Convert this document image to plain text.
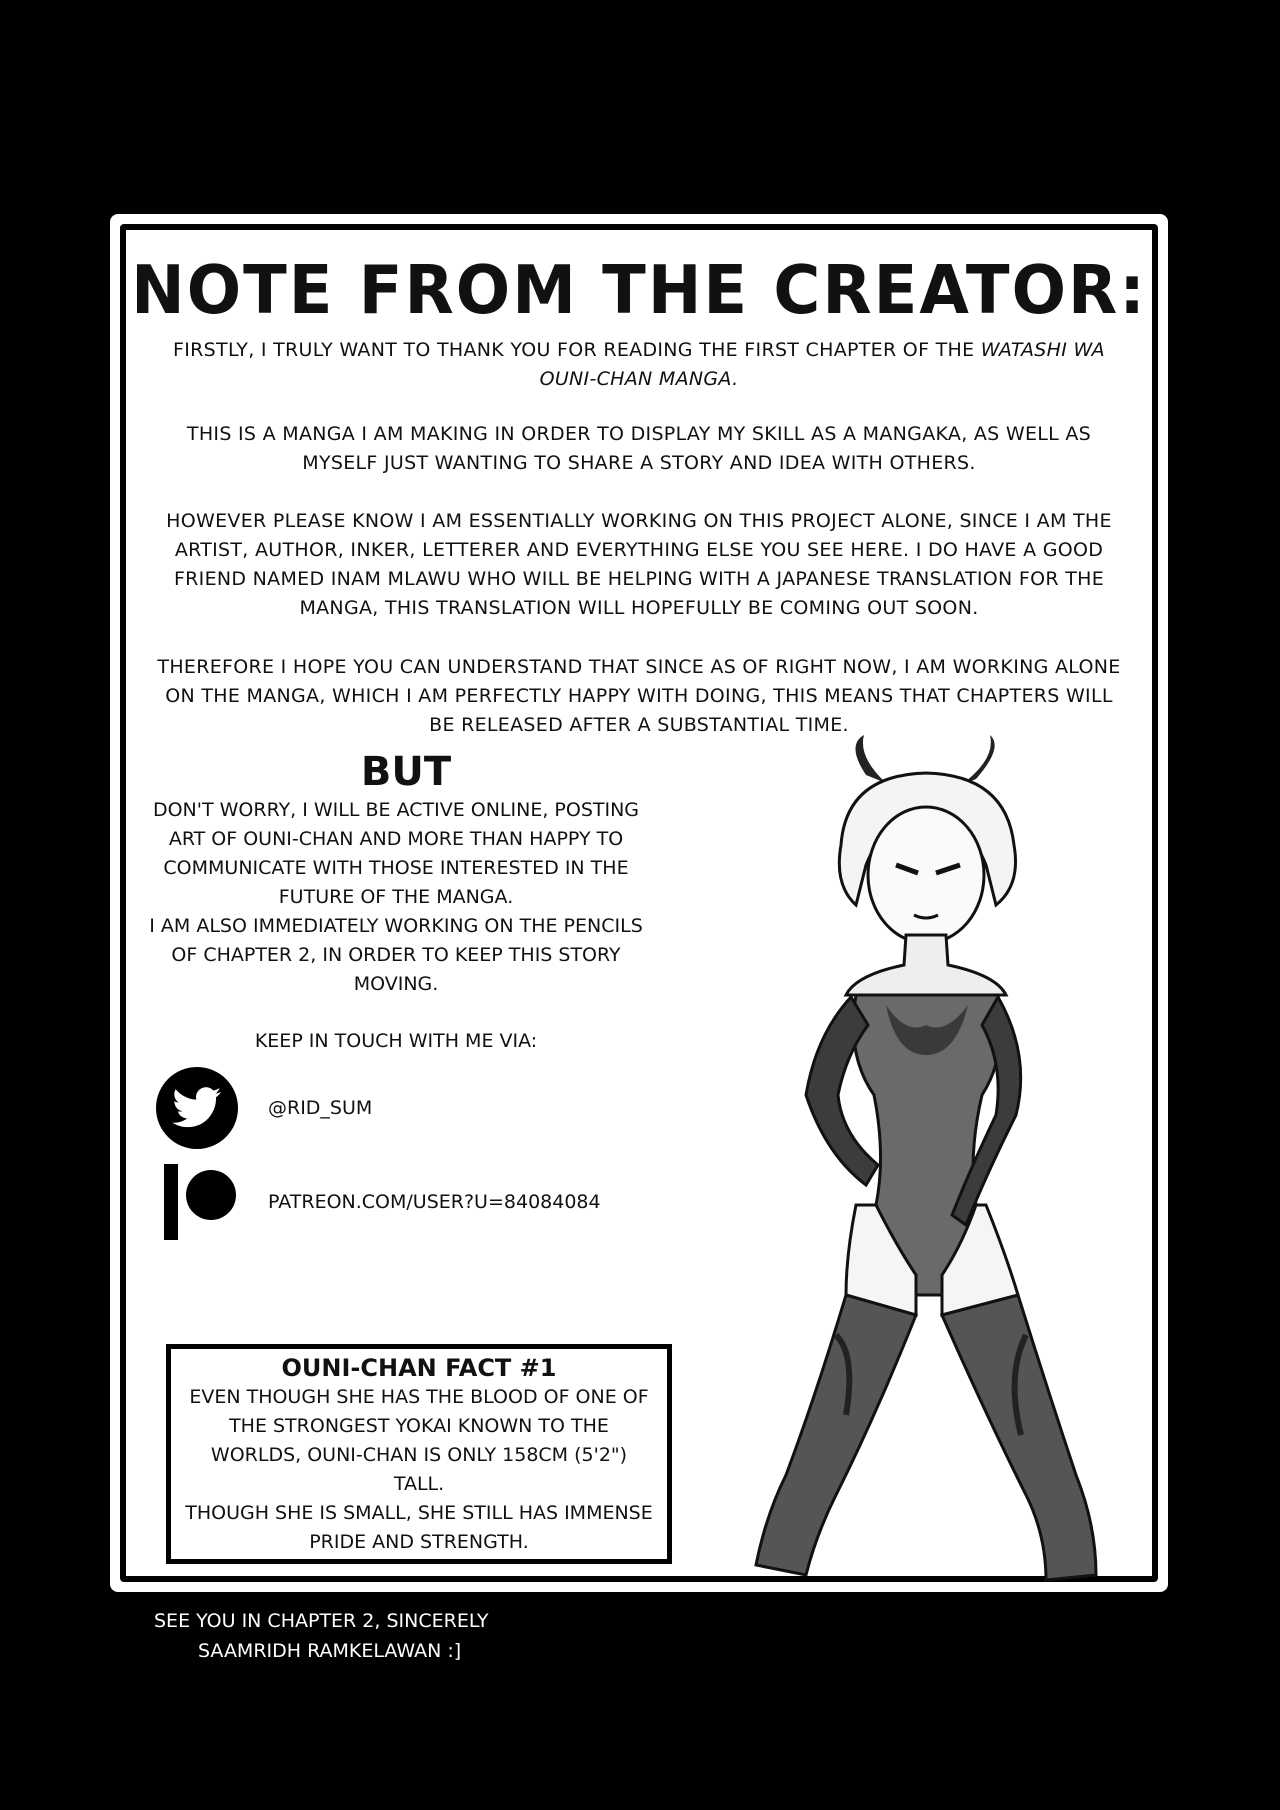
NOTE FROM THE CREATOR:
FIRSTLY, I TRULY WANT TO THANK YOU FOR READING THE FIRST CHAPTER OF THE WATASHI WA OUNI-CHAN MANGA.
THIS IS A MANGA I AM MAKING IN ORDER TO DISPLAY MY SKILL AS A MANGAKA, AS WELL AS MYSELF JUST WANTING TO SHARE A STORY AND IDEA WITH OTHERS.
HOWEVER PLEASE KNOW I AM ESSENTIALLY WORKING ON THIS PROJECT ALONE, SINCE I AM THE ARTIST, AUTHOR, INKER, LETTERER AND EVERYTHING ELSE YOU SEE HERE. I DO HAVE A GOOD FRIEND NAMED INAM MLAWU WHO WILL BE HELPING WITH A JAPANESE TRANSLATION FOR THE MANGA, THIS TRANSLATION WILL HOPEFULLY BE COMING OUT SOON.
THEREFORE I HOPE YOU CAN UNDERSTAND THAT SINCE AS OF RIGHT NOW, I AM WORKING ALONE ON THE MANGA, WHICH I AM PERFECTLY HAPPY WITH DOING, THIS MEANS THAT CHAPTERS WILL BE RELEASED AFTER A SUBSTANTIAL TIME.
BUT
DON'T WORRY, I WILL BE ACTIVE ONLINE, POSTING ART OF OUNI-CHAN AND MORE THAN HAPPY TO COMMUNICATE WITH THOSE INTERESTED IN THE FUTURE OF THE MANGA.
I AM ALSO IMMEDIATELY WORKING ON THE PENCILS OF CHAPTER 2, IN ORDER TO KEEP THIS STORY MOVING.
KEEP IN TOUCH WITH ME VIA:
@RID_SUM
PATREON.COM/USER?U=84084084
OUNI-CHAN FACT #1
EVEN THOUGH SHE HAS THE BLOOD OF ONE OF THE STRONGEST YOKAI KNOWN TO THE WORLDS, OUNI-CHAN IS ONLY 158CM (5'2") TALL.
THOUGH SHE IS SMALL, SHE STILL HAS IMMENSE PRIDE AND STRENGTH.
SEE YOU IN CHAPTER 2, SINCERELY
SAAMRIDH RAMKELAWAN :]
